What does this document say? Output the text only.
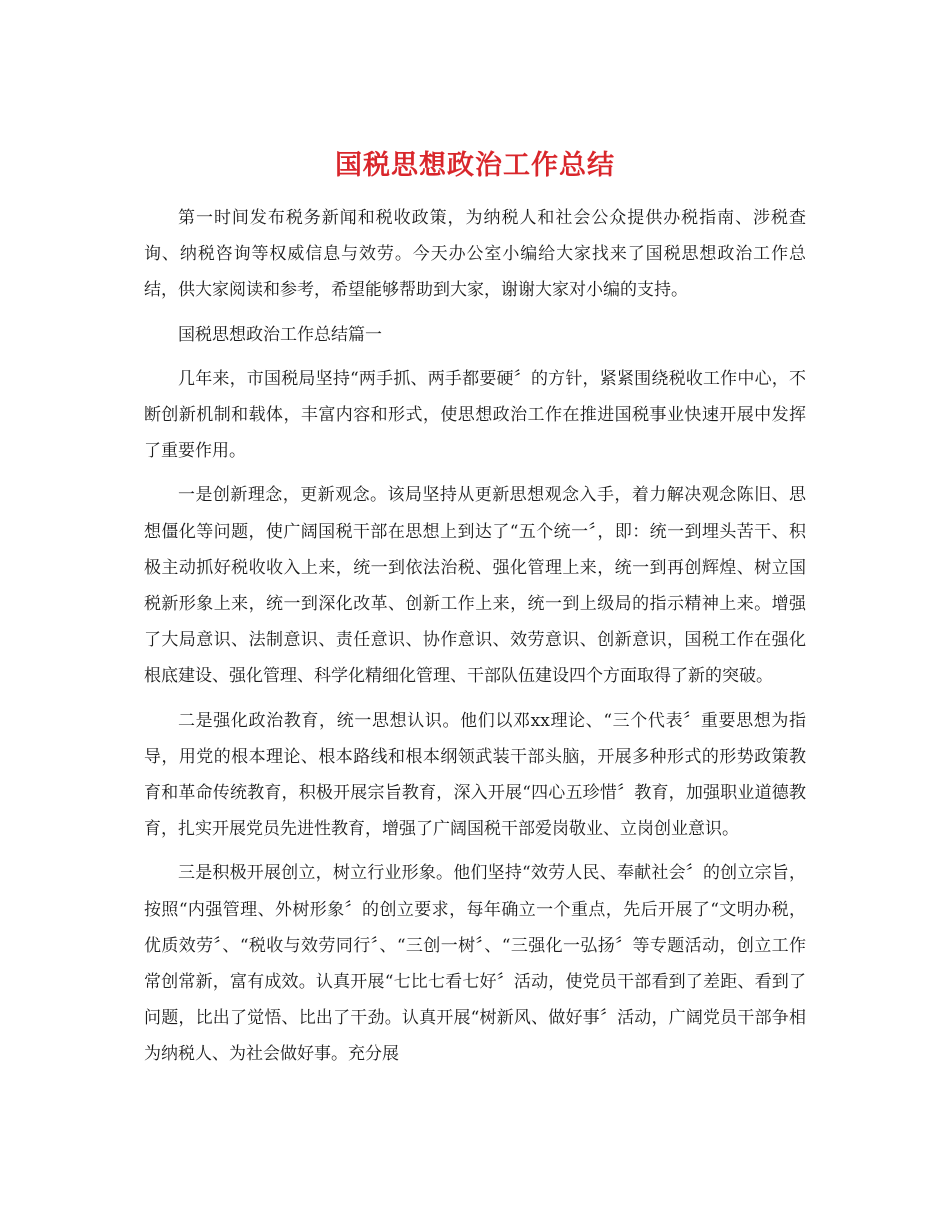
国税思想政治工作总结

第一时间发布税务新闻和税收政策，为纳税人和社会公众提供办税指南、涉税查询、纳税咨询等权威信息与效劳。今天办公室小编给大家找来了国税思想政治工作总结，供大家阅读和参考，希望能够帮助到大家，谢谢大家对小编的支持。

国税思想政治工作总结篇一

几年来，市国税局坚持“两手抓、两手都要硬〞的方针，紧紧围绕税收工作中心，不断创新机制和载体，丰富内容和形式，使思想政治工作在推进国税事业快速开展中发挥了重要作用。

一是创新理念，更新观念。该局坚持从更新思想观念入手，着力解决观念陈旧、思想僵化等问题，使广阔国税干部在思想上到达了“五个统一〞，即：统一到埋头苦干、积极主动抓好税收收入上来，统一到依法治税、强化管理上来，统一到再创辉煌、树立国税新形象上来，统一到深化改革、创新工作上来，统一到上级局的指示精神上来。增强了大局意识、法制意识、责任意识、协作意识、效劳意识、创新意识，国税工作在强化根底建设、强化管理、科学化精细化管理、干部队伍建设四个方面取得了新的突破。

二是强化政治教育，统一思想认识。他们以邓xx理论、“三个代表〞重要思想为指导，用党的根本理论、根本路线和根本纲领武装干部头脑，开展多种形式的形势政策教育和革命传统教育，积极开展宗旨教育，深入开展“四心五珍惜〞教育，加强职业道德教育，扎实开展党员先进性教育，增强了广阔国税干部爱岗敬业、立岗创业意识。

三是积极开展创立，树立行业形象。他们坚持“效劳人民、奉献社会〞的创立宗旨，按照“内强管理、外树形象〞的创立要求，每年确立一个重点，先后开展了“文明办税，优质效劳〞、“税收与效劳同行〞、“三创一树〞、“三强化一弘扬〞等专题活动，创立工作常创常新，富有成效。认真开展“七比七看七好〞活动，使党员干部看到了差距、看到了问题，比出了觉悟、比出了干劲。认真开展“树新风、做好事〞活动，广阔党员干部争相为纳税人、为社会做好事。充分展
